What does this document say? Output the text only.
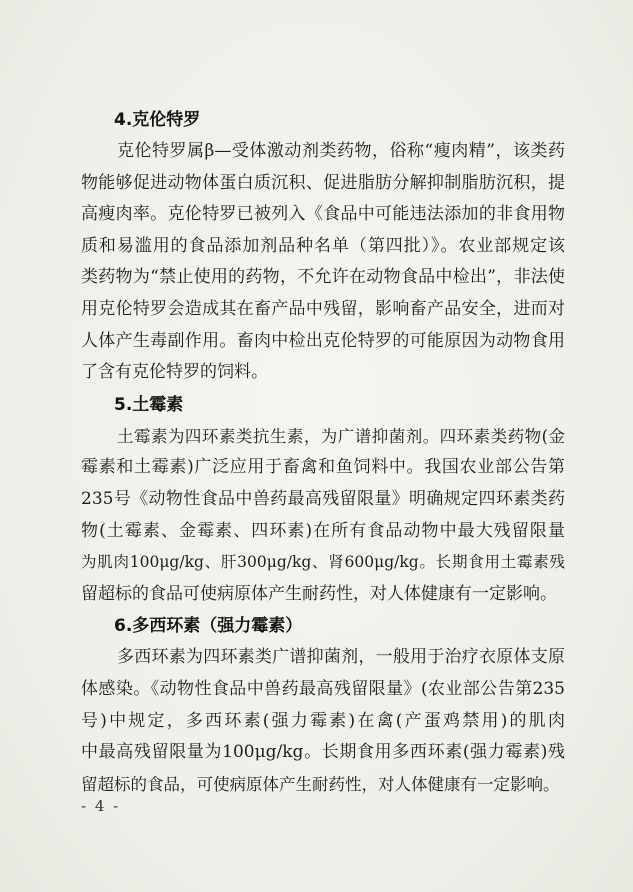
4.克伦特罗

克伦特罗属β—受体激动剂类药物，俗称“瘦肉精”，该类药
物能够促进动物体蛋白质沉积、促进脂肪分解抑制脂肪沉积，提
高瘦肉率。克伦特罗已被列入《食品中可能违法添加的非食用物
质和易滥用的食品添加剂品种名单（第四批）》。农业部规定该
类药物为“禁止使用的药物，不允许在动物食品中检出”，非法使
用克伦特罗会造成其在畜产品中残留，影响畜产品安全，进而对
人体产生毒副作用。畜肉中检出克伦特罗的可能原因为动物食用
了含有克伦特罗的饲料。

5.土霉素

土霉素为四环素类抗生素，为广谱抑菌剂。四环素类药物(金
霉素和土霉素)广泛应用于畜禽和鱼饲料中。我国农业部公告第
235号《动物性食品中兽药最高残留限量》明确规定四环素类药
物(土霉素、金霉素、四环素)在所有食品动物中最大残留限量
为肌肉100μg/kg、肝300μg/kg、肾600μg/kg。长期食用土霉素残
留超标的食品可使病原体产生耐药性，对人体健康有一定影响。

6.多西环素（强力霉素）

多西环素为四环素类广谱抑菌剂，一般用于治疗衣原体支原
体感染。《动物性食品中兽药最高残留限量》(农业部公告第235
号)中规定，多西环素(强力霉素)在禽(产蛋鸡禁用)的肌肉
中最高残留限量为100μg/kg。长期食用多西环素(强力霉素)残
留超标的食品，可使病原体产生耐药性，对人体健康有一定影响。

- 4 -
